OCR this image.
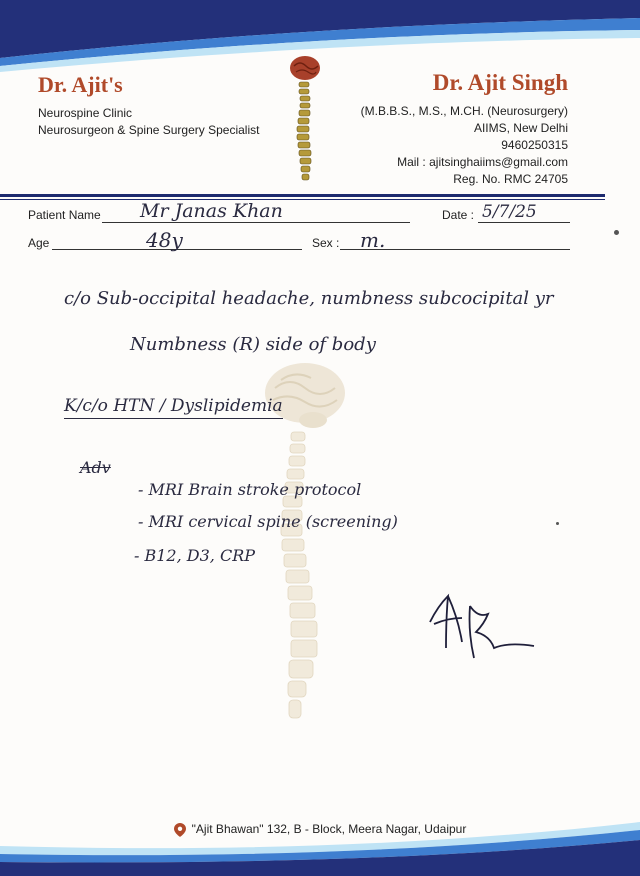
Dr. Ajit's
Neurospine Clinic
Neurosurgeon & Spine Surgery Specialist
Dr. Ajit Singh
(M.B.B.S., M.S., M.CH. (Neurosurgery)
AIIMS, New Delhi
9460250315
Mail : ajitsinghaiims@gmail.com
Reg. No. RMC 24705
Patient Name Mr Janas Khan	Date : 5/7/25
Age	48y	Sex : m.
c/o Sub-occipital headache, numbness subcocipital yr
Numbness (R) side of body
K/c/o HTN / Dyslipidemia
Adv
- MRI Brain stroke protocol
- MRI cervical spine (screening)
- B12, D3, CRP
"Ajit Bhawan" 132, B - Block, Meera Nagar, Udaipur
